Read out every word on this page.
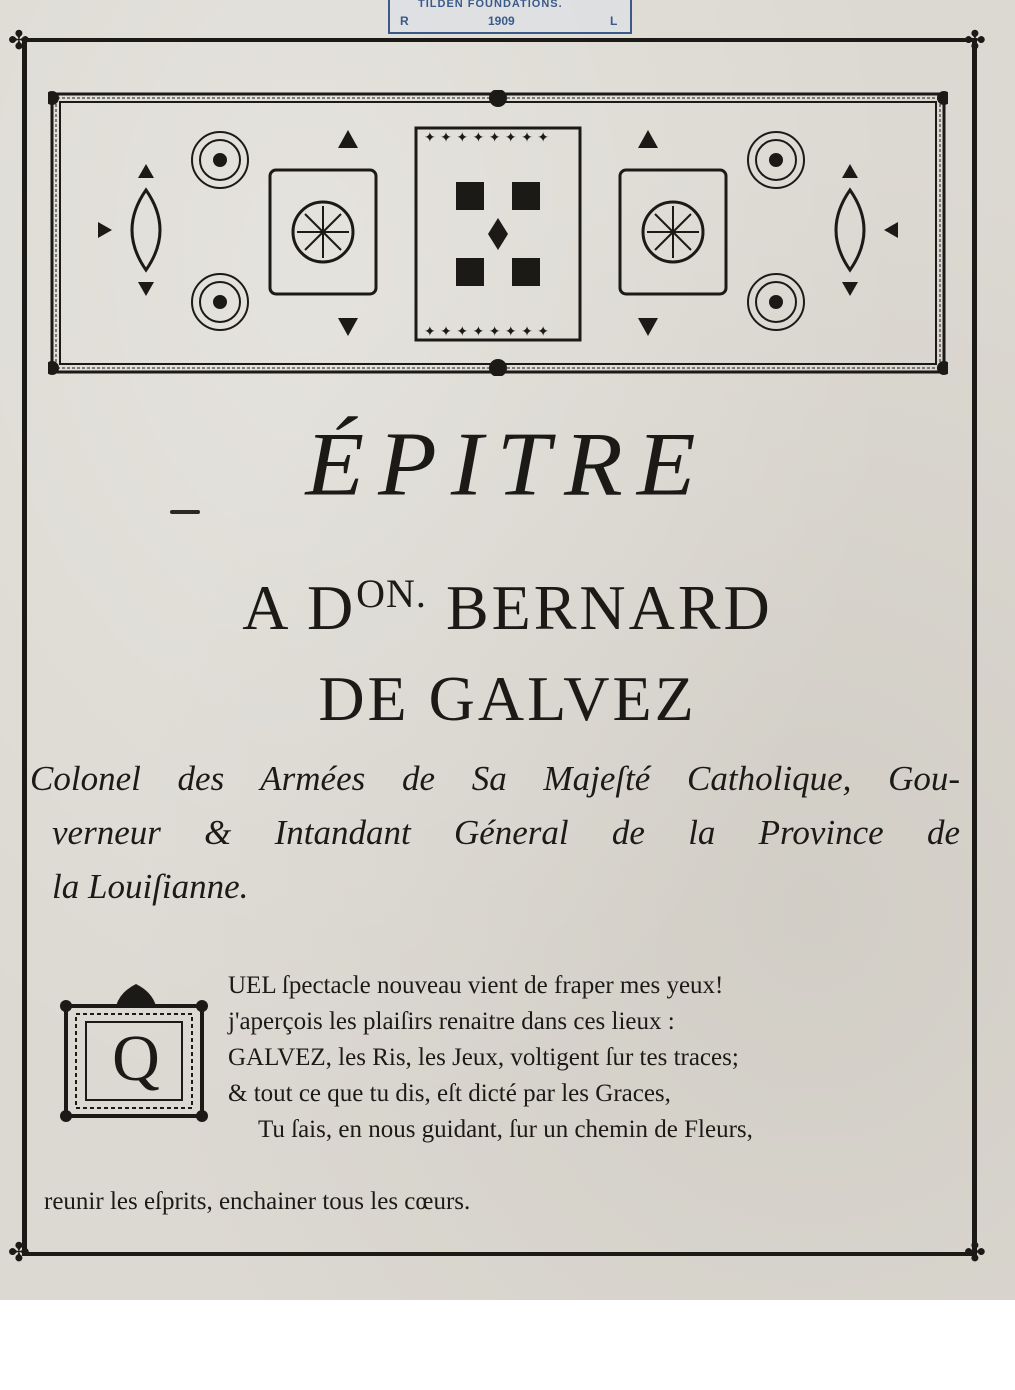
TILDEN FOUNDATIONS.
R	1909	L
✤	✤
✤	✤
✦ ✦ ✦ ✦ ✦ ✦ ✦ ✦
✦ ✦ ✦ ✦ ✦ ✦ ✦ ✦
ÉPITRE
A $D^{ON.}$ BERNARD
DE GALVEZ
Colonel des Armées de Sa Majeſté Catholique, Gou-
verneur & Intandant Géneral de la Province de
la Louiſianne.
Q
UEL ſpectacle nouveau vient de fraper mes yeux!
j'aperçois les plaiſirs renaitre dans ces lieux :
GALVEZ, les Ris, les Jeux, voltigent ſur tes traces;
& tout ce que tu dis, eſt dicté par les Graces,
Tu ſais, en nous guidant, ſur un chemin de Fleurs,
reunir les eſprits, enchainer tous les cœurs.
